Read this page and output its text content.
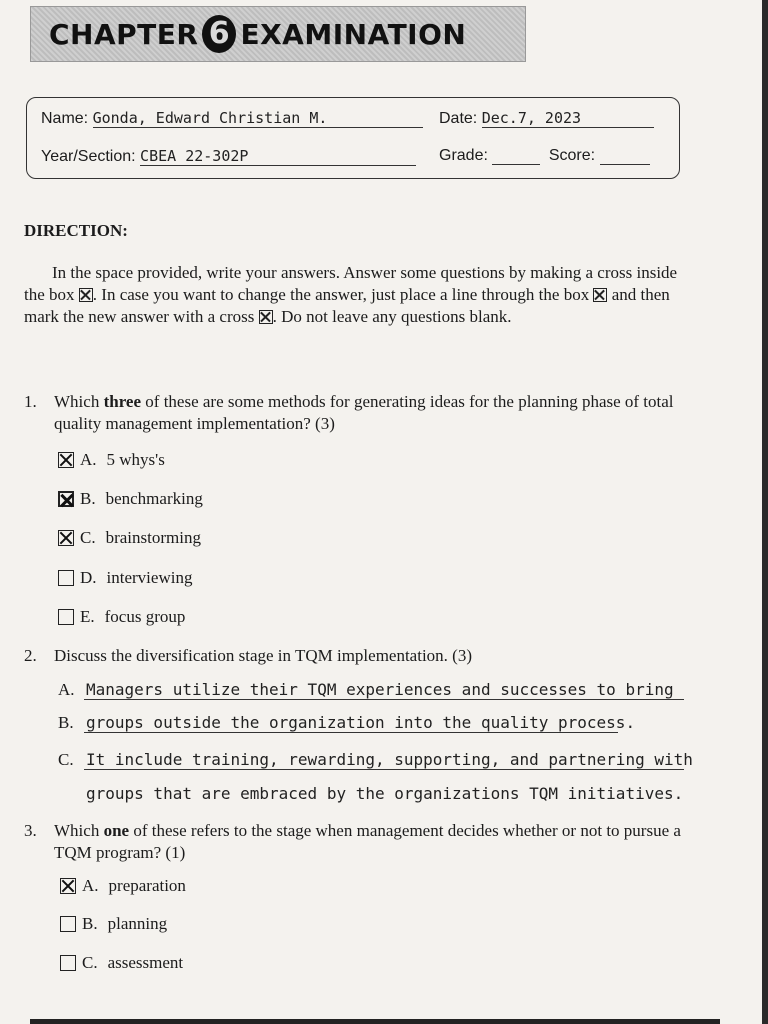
CHAPTER 6 EXAMINATION
Name: Gonda, Edward Christian M.	Date: Dec.7, 2023
Year/Section: CBEA 22-302P	Grade:	Score:
DIRECTION:
In the space provided, write your answers. Answer some questions by making a cross inside the box ☒. In case you want to change the answer, just place a line through the box and then mark the new answer with a cross ☒. Do not leave any questions blank.
1. Which three of these are some methods for generating ideas for the planning phase of total quality management implementation? (3)
A. 5 whys's
B. benchmarking
C. brainstorming
D. interviewing
E. focus group
2. Discuss the diversification stage in TQM implementation. (3)
A. Managers utilize their TQM experiences and successes to bring
B. groups outside the organization into the quality process.
C. It include training, rewarding, supporting, and partnering with
groups that are embraced by the organizations TQM initiatives.
3. Which one of these refers to the stage when management decides whether or not to pursue a TQM program? (1)
A. preparation
B. planning
C. assessment
